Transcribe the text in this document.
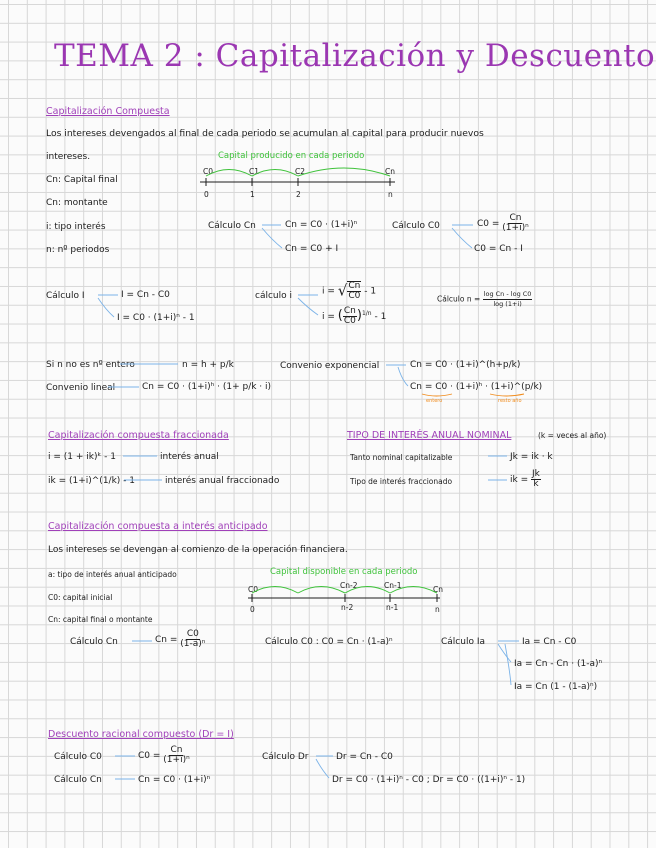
TEMA 2 : Capitalización y Descuento
Capitalización Compuesta
Los intereses devengados al final de cada periodo se acumulan al capital para producir nuevos
intereses.
Cn: Capital final
Cn: montante
i: tipo interés
n: nº periodos
Capital producido en cada periodo
C0	C1	C2	Cn
0	1	2	n
Cálculo Cn	Cn = C0 · (1+i)ⁿ
Cn = C0 + I
Cálculo C0	$C0 = \frac{Cn}{\text{(1+i)ⁿ}}$
C0 = Cn - I
Cálculo I	I = Cn - C0
I = C0 · (1+i)ⁿ - 1
cálculo i	i = √ $\frac{Cn}{C0} - 1$
i = ( $\frac{Cn}{C0} )^{1/n} - 1$
Cálculo $n = \frac{\text{log Cn - log C0}}{\log (1+i)}$
Si n no es nº entero	n = h + p/k	Convenio exponencial	Cn = C0 · (1+i)^(h+p/k)
Cn = C0 · (1+i)ʰ · (1+i)^(p/k)
entero	resto año
Convenio lineal	Cn = C0 · (1+i)ʰ · (1+ p/k · i)
Capitalización compuesta fraccionada
i = (1 + ik)ᵏ - 1	interés anual
ik = (1+i)^(1/k) - 1	interés anual fraccionado
TIPO DE INTERÉS ANUAL NOMINAL	(k = veces al año)
Tanto nominal capitalizable	Jk = ik · k
Tipo de interés fraccionado	ik = $\frac{Jk}{k}$
Capitalización compuesta a interés anticipado
Los intereses se devengan al comienzo de la operación financiera.
a: tipo de interés anual anticipado
C0: capital inicial
Cn: capital final o montante
Capital disponible en cada periodo
C0	Cn-2	Cn-1	Cn
0	n-2	n-1	n
Cálculo Cn	$Cn = \frac{C0}{\text{(1-a)ⁿ}}$	Cálculo C0 : C0 = Cn · (1-a)ⁿ	Cálculo Ia	Ia = Cn - C0
Ia = Cn - Cn · (1-a)ⁿ
Ia = Cn (1 - (1-a)ⁿ)
Descuento racional compuesto (Dr = I)
Cálculo C0	$C0 = \frac{Cn}{\text{(1+i)ⁿ}}$
Cálculo Cn	Cn = C0 · (1+i)ⁿ
Cálculo Dr	Dr = Cn - C0
Dr = C0 · (1+i)ⁿ - C0 ; Dr = C0 · ((1+i)ⁿ - 1)
